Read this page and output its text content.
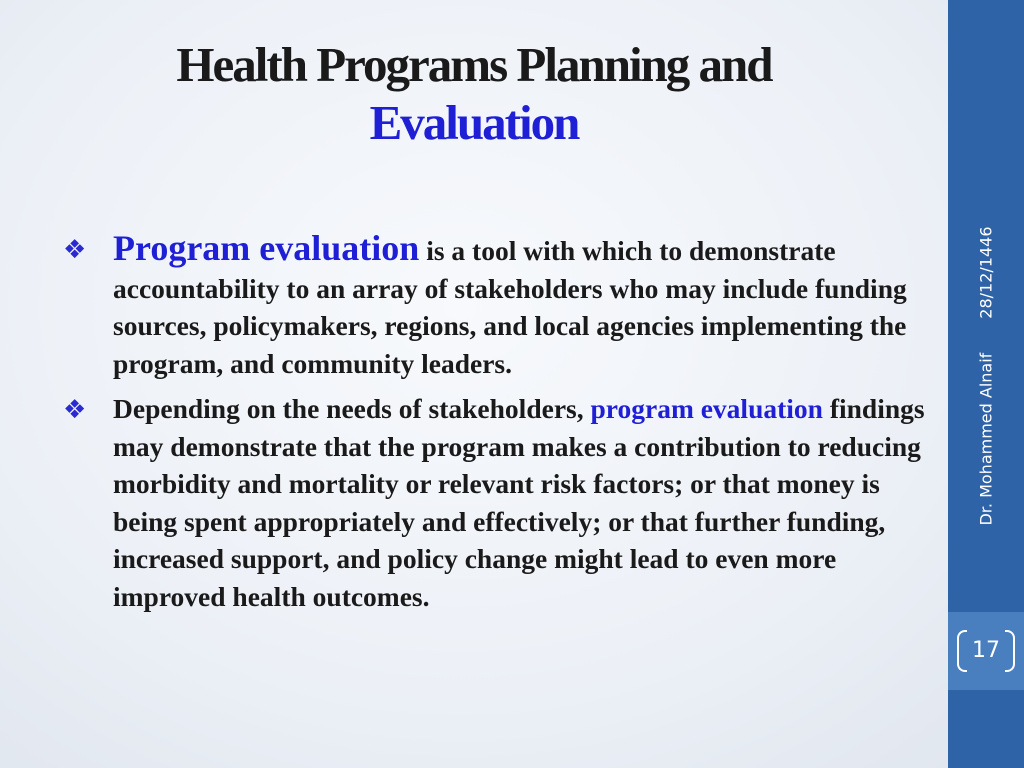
Health Programs Planning and
Evaluation
❖ Program evaluation is a tool with which to demonstrate accountability to an array of stakeholders who may include funding sources, policymakers, regions, and local agencies implementing the program, and community leaders.
❖ Depending on the needs of stakeholders, program evaluation findings may demonstrate that the program makes a contribution to reducing morbidity and mortality or relevant risk factors; or that money is being spent appropriately and effectively; or that further funding, increased support, and policy change might lead to even more improved health outcomes.
Dr. Mohammed Alnaif28/12/1446
17
